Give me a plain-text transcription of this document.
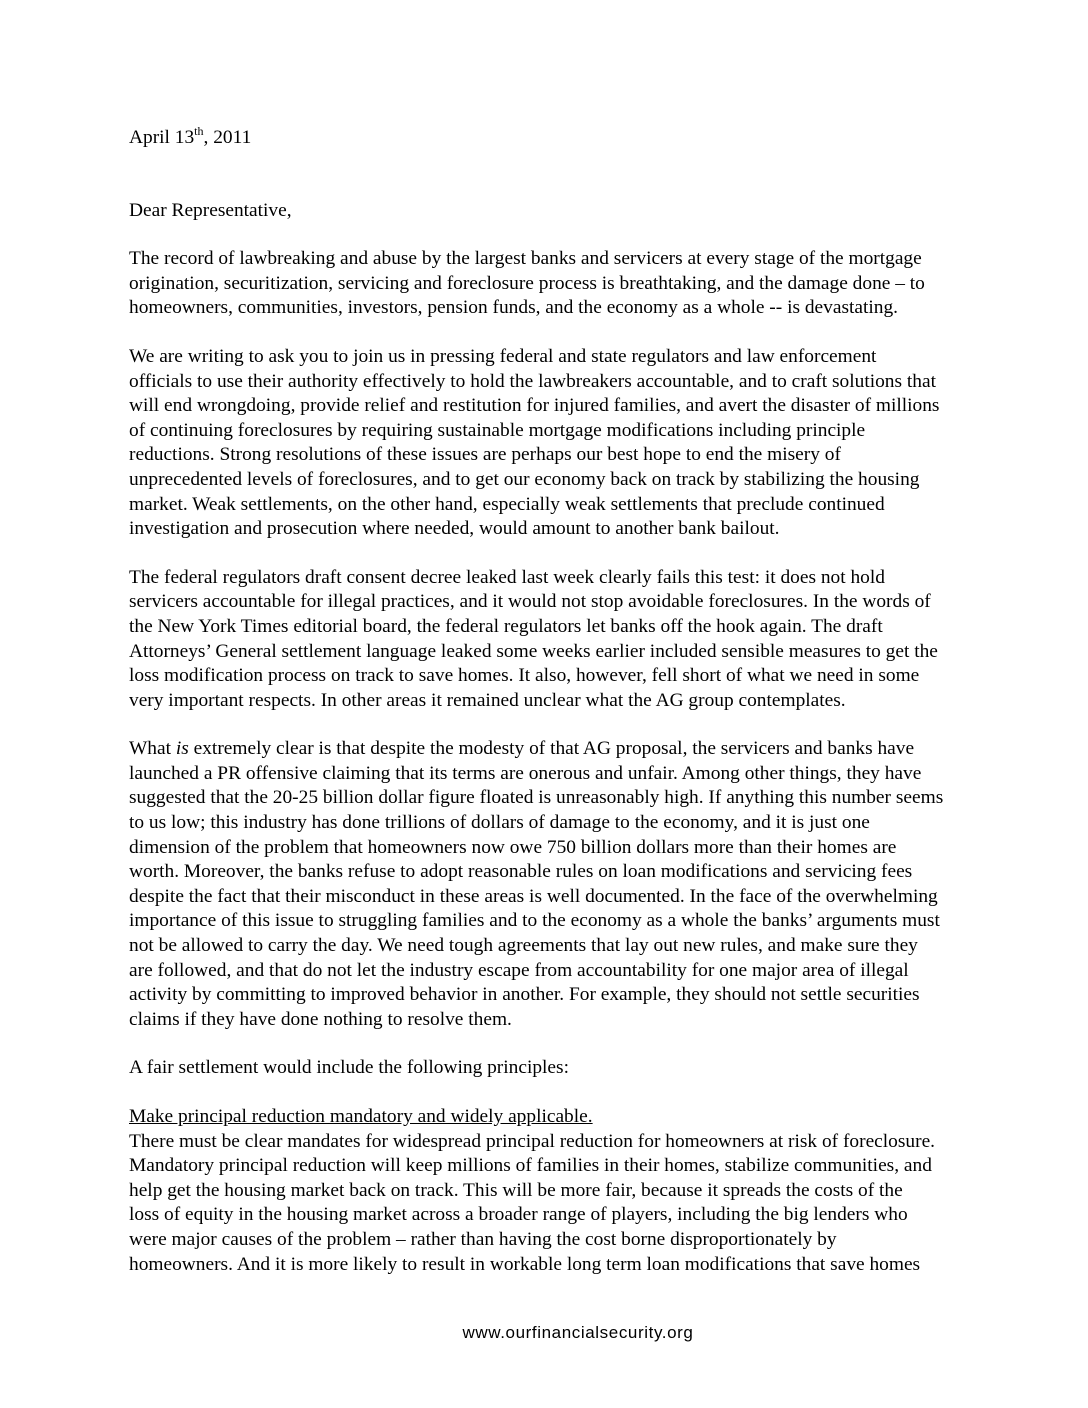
April 13th, 2011

Dear Representative,

The record of lawbreaking and abuse by the largest banks and servicers at every stage of the mortgage
origination, securitization, servicing and foreclosure process is breathtaking, and the damage done – to
homeowners, communities, investors, pension funds, and the economy as a whole -- is devastating.

We are writing to ask you to join us in pressing federal and state regulators and law enforcement
officials to use their authority effectively to hold the lawbreakers accountable, and to craft solutions that
will end wrongdoing, provide relief and restitution for injured families, and avert the disaster of millions
of continuing foreclosures by requiring sustainable mortgage modifications including principle
reductions. Strong resolutions of these issues are perhaps our best hope to end the misery of
unprecedented levels of foreclosures, and to get our economy back on track by stabilizing the housing
market. Weak settlements, on the other hand, especially weak settlements that preclude continued
investigation and prosecution where needed, would amount to another bank bailout.

The federal regulators draft consent decree leaked last week clearly fails this test: it does not hold
servicers accountable for illegal practices, and it would not stop avoidable foreclosures. In the words of
the New York Times editorial board, the federal regulators let banks off the hook again. The draft
Attorneys’ General settlement language leaked some weeks earlier included sensible measures to get the
loss modification process on track to save homes. It also, however, fell short of what we need in some
very important respects. In other areas it remained unclear what the AG group contemplates.

What is extremely clear is that despite the modesty of that AG proposal, the servicers and banks have
launched a PR offensive claiming that its terms are onerous and unfair. Among other things, they have
suggested that the 20-25 billion dollar figure floated is unreasonably high. If anything this number seems
to us low; this industry has done trillions of dollars of damage to the economy, and it is just one
dimension of the problem that homeowners now owe 750 billion dollars more than their homes are
worth. Moreover, the banks refuse to adopt reasonable rules on loan modifications and servicing fees
despite the fact that their misconduct in these areas is well documented. In the face of the overwhelming
importance of this issue to struggling families and to the economy as a whole the banks’ arguments must
not be allowed to carry the day. We need tough agreements that lay out new rules, and make sure they
are followed, and that do not let the industry escape from accountability for one major area of illegal
activity by committing to improved behavior in another. For example, they should not settle securities
claims if they have done nothing to resolve them.

A fair settlement would include the following principles:

Make principal reduction mandatory and widely applicable.
There must be clear mandates for widespread principal reduction for homeowners at risk of foreclosure.
Mandatory principal reduction will keep millions of families in their homes, stabilize communities, and
help get the housing market back on track. This will be more fair, because it spreads the costs of the
loss of equity in the housing market across a broader range of players, including the big lenders who
were major causes of the problem – rather than having the cost borne disproportionately by
homeowners. And it is more likely to result in workable long term loan modifications that save homes
www.ourfinancialsecurity.org
